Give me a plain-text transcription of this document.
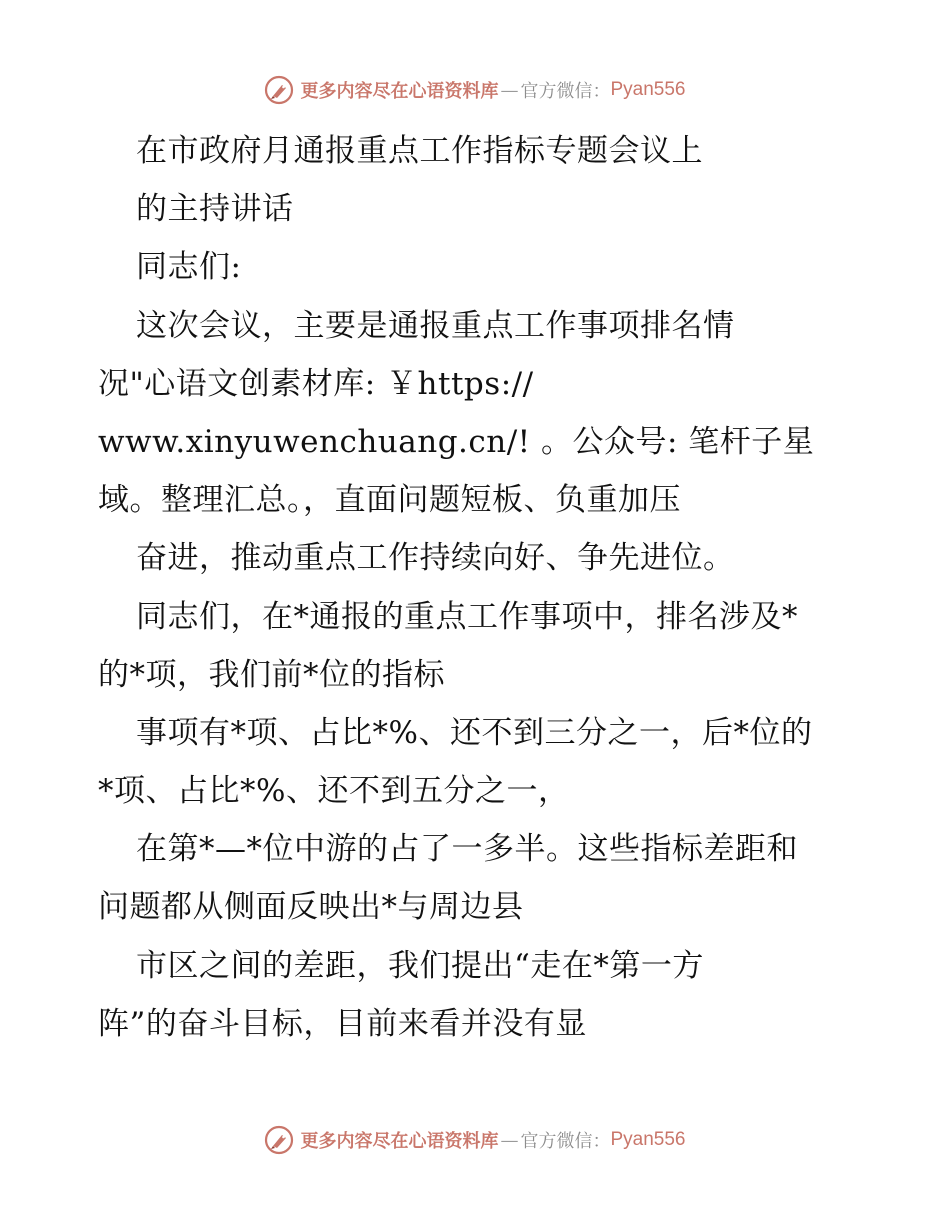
更多内容尽在心语资料库 — 官方微信： Pyan556
在市政府月通报重点工作指标专题会议上
的主持讲话
同志们:
这次会议，主要是通报重点工作事项排名情
况"心语文创素材库: ￥https://
www.xinyuwenchuang.cn/! 。公众号: 笔杆子星
域。整理汇总。，直面问题短板、负重加压
奋进，推动重点工作持续向好、争先进位。
同志们，在*通报的重点工作事项中，排名涉及*
的*项，我们前*位的指标
事项有*项、占比*%、还不到三分之一，后*位的
*项、占比*%、还不到五分之一，
在第*—*位中游的占了一多半。这些指标差距和
问题都从侧面反映出*与周边县
市区之间的差距，我们提出“走在*第一方
阵”的奋斗目标，目前来看并没有显
更多内容尽在心语资料库 — 官方微信： Pyan556
